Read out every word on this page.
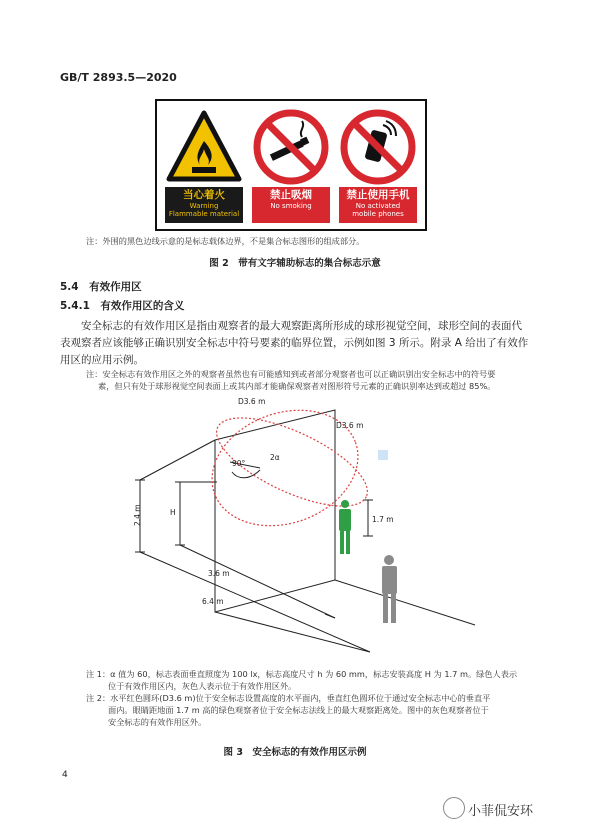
GB/T 2893.5—2020
当心着火
Warning
Flammable material
禁止吸烟
No smoking
禁止使用手机
No activated
mobile phones
注：外围的黑色边线示意的是标志载体边界，不是集合标志图形的组成部分。
图 2　带有文字辅助标志的集合标志示意
5.4　有效作用区
5.4.1　有效作用区的含义
安全标志的有效作用区是指由观察者的最大观察距离所形成的球形视觉空间，球形空间的表面代
表观察者应该能够正确识别安全标志中符号要素的临界位置，示例如图 3 所示。附录 A 给出了有效作
用区的应用示例。
注：安全标志有效作用区之外的观察者虽然也有可能感知到或者部分观察者也可以正确识别出安全标志中的符号要
素，但只有处于球形视觉空间表面上或其内部才能确保观察者对图形符号元素的正确识别率达到或超过 85%。
D3.6 m
D3.6 m
90°
2α
H
1.7 m
2.4 m
3.6 m
6.4 m
注 1：α 值为 60，标志表面垂直照度为 100 lx，标志高度尺寸 h 为 60 mm，标志安装高度 H 为 1.7 m。绿色人表示
位于有效作用区内，灰色人表示位于有效作用区外。
注 2：水平红色圆环(D3.6 m)位于安全标志设置高度的水平面内，垂直红色圆环位于通过安全标志中心的垂直平
面内。眼睛距地面 1.7 m 高的绿色观察者位于安全标志法线上的最大观察距离处。图中的灰色观察者位于
安全标志的有效作用区外。
图 3　安全标志的有效作用区示例
4
小菲侃安环
